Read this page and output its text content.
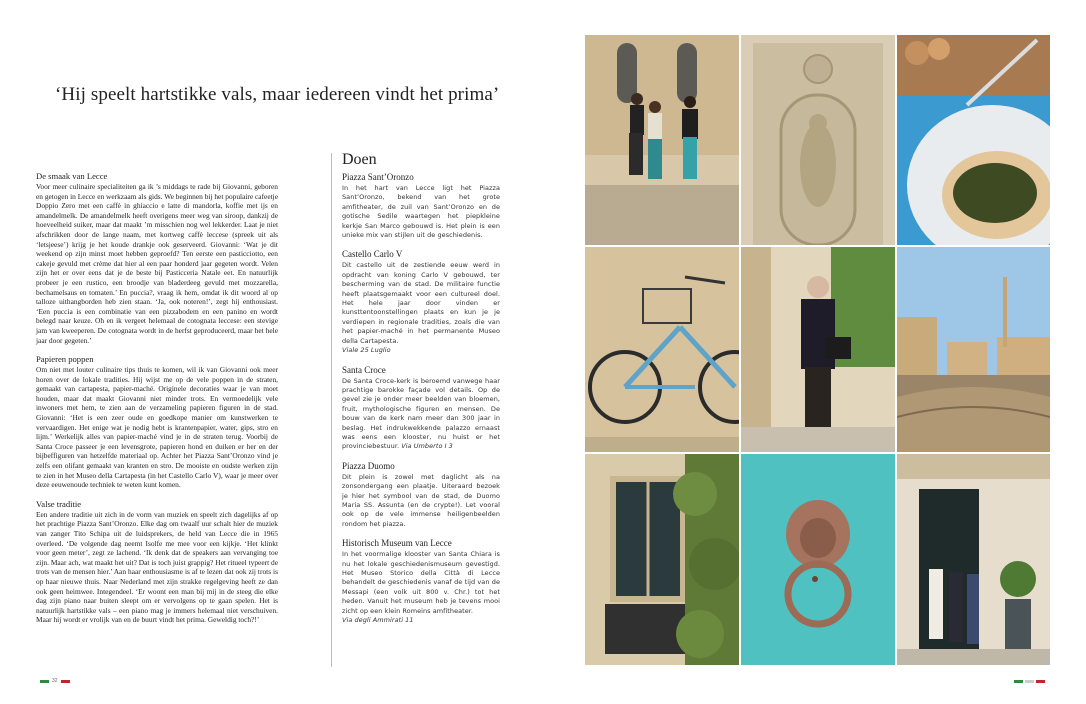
‘Hij speelt hartstikke vals, maar iedereen vindt het prima’
De smaak van Lecce

Voor meer culinaire specialiteiten ga ik ’s middags te rade bij Giovanni, geboren en getogen in Lecce en werkzaam als gids. We beginnen bij het populaire cafeetje Doppio Zero met een caffè in ghiaccio e latte di mandorla, koffie met ijs en amandelmelk. De amandelmelk heeft overigens meer weg van siroop, dankzij de hoeveelheid suiker, maar dat maakt ’m misschien nog wel lekkerder. Laat je niet afschrikken door de lange naam, met kortweg caffè leccese (spreek uit als ‘letsjeese’) krijg je het koude drankje ook geserveerd. Giovanni: ‘Wat je dit weekend op zijn minst moet hebben geproefd? Ten eerste een pasticciotto, een cakeje gevuld met crème dat hier al een paar honderd jaar gegeten wordt. Velen zijn het er over eens dat je de beste bij Pasticceria Natale eet. En natuurlijk probeer je een rustico, een broodje van bladerdeeg gevuld met mozzarella, bechamelsaus en tomaten.’ En puccia?, vraag ik hem, omdat ik dit woord al op talloze uithangborden heb zien staan. ‘Ja, ook noteren!’, zegt hij enthousiast. ‘Een puccia is een combinatie van een pizzabodem en een panino en wordt belegd naar keuze. Oh en ik vergeet helemaal de cotognata leccese: een stevige jam van kweeperen. De cotognata wordt in de herfst geproduceerd, maar het hele jaar door gegeten.’

Papieren poppen

Om niet met louter culinaire tips thuis te komen, wil ik van Giovanni ook meer horen over de lokale tradities. Hij wijst me op de vele poppen in de straten, gemaakt van cartapesta, papier-maché. Originele decoraties waar je van moet houden, maar dat maakt Giovanni niet minder trots. En vermoedelijk vele inwoners met hem, te zien aan de verzameling papieren figuren in de stad. Giovanni: ‘Het is een zeer oude en goedkope manier om kunstwerken te vervaardigen. Het enige wat je nodig hebt is krantenpapier, water, gips, stro en lijm.’ Werkelijk alles van papier-maché vind je in de straten terug. Voorbij de Santa Croce passeer je een levensgrote, papieren hond en duiken er her en der bijbeffiguren van hetzelfde materiaal op. Achter het Piazza Sant’Oronzo vind je zelfs een olifant gemaakt van kranten en stro. De mooiste en oudste werken zijn te zien in het Museo della Cartapesta (in het Castello Carlo V), waar je meer over deze eeuwenoude techniek te weten kunt komen.

Valse traditie

Een andere traditie uit zich in de vorm van muziek en speelt zich dagelijks af op het prachtige Piazza Sant’Oronzo. Elke dag om twaalf uur schalt hier de muziek van zanger Tito Schipa uit de luidsprekers, de held van Lecce die in 1965 overleed. ‘De volgende dag neemt Isolfe me mee voor een kijkje. ‘Het klinkt voor geen meter’, zegt ze lachend. ‘Ik denk dat de speakers aan vervanging toe zijn. Maar ach, wat maakt het uit? Dat is toch juist grappig? Het ritueel typeert de trots van de mensen hier.’ Aan haar enthousiasme is af te lezen dat ook zij trots is op haar nieuwe thuis. Naar Nederland met zijn strakke regelgeving heeft ze dan ook geen heimwee. Integendeel. ‘Er woont een man bij mij in de steeg die elke dag zijn piano naar buiten sleept om er vervolgens op te gaan spelen. Het is natuurlijk hartstikke vals – een piano mag je immers helemaal niet verschuiven. Maar hij wordt er vrolijk van en de buurt vindt het prima. Geweldig toch?!’

Doen
Piazza Sant’Oronzo

In het hart van Lecce ligt het Piazza Sant’Oronzo, bekend van het grote amfitheater, de zuil van Sant’Oronzo en de gotische Sedile waartegen het piepkleine kerkje San Marco gebouwd is. Het plein is een unieke mix van stijlen uit de geschiedenis.

Castello Carlo V

Dit castello uit de zestiende eeuw werd in opdracht van koning Carlo V gebouwd, ter bescherming van de stad. De militaire functie heeft plaatsgemaakt voor een cultureel doel. Het hele jaar door vinden er kunsttentoonstellingen plaats en kun je je verdiepen in regionale tradities, zoals die van het papier-maché in het permanente Museo della Cartapesta.
Viale 25 Luglio

Santa Croce

De Santa Croce-kerk is beroemd vanwege haar prachtige barokke façade vol details. Op de gevel zie je onder meer beelden van bloemen, fruit, mythologische figuren en mensen. De bouw van de kerk nam meer dan 300 jaar in beslag. Het indrukwekkende palazzo ernaast was eens een klooster, nu huist er het provinciebestuur. Via Umberto I 3

Piazza Duomo

Dit plein is zowel met daglicht als na zonsondergang een plaatje. Uiteraard bezoek je hier het symbool van de stad, de Duomo Maria SS. Assunta (en de crypte!). Let vooral ook op de vele immense heiligenbeelden rondom het piazza.

Historisch Museum van Lecce

In het voormalige klooster van Santa Chiara is nu het lokale geschiedenismuseum gevestigd. Het Museo Storico della Città di Lecce behandelt de geschiedenis vanaf de tijd van de Messapi (een volk uit 800 v. Chr.) tot het heden. Vanuit het museum heb je tevens mooi zicht op een klein Romeins amfitheater.
Via degli Ammirati 11

32
